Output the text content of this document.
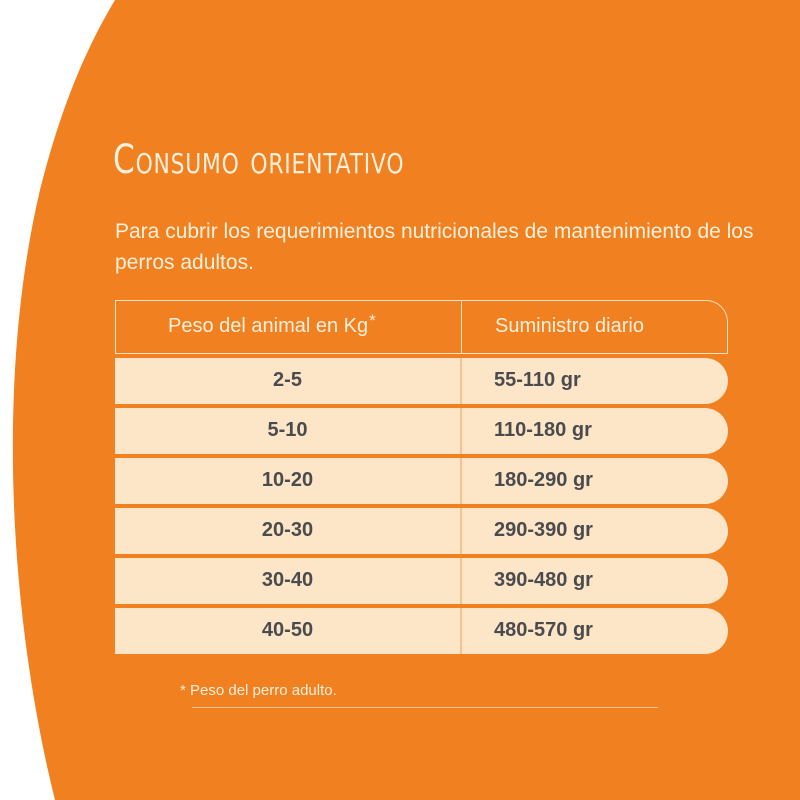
Consumo orientativo
Para cubrir los requerimientos nutricionales de mantenimiento de los perros adultos.
Peso del animal en Kg*	Suministro diario
2-5	55-110 gr
5-10	110-180 gr
10-20	180-290 gr
20-30	290-390 gr
30-40	390-480 gr
40-50	480-570 gr
* Peso del perro adulto.
